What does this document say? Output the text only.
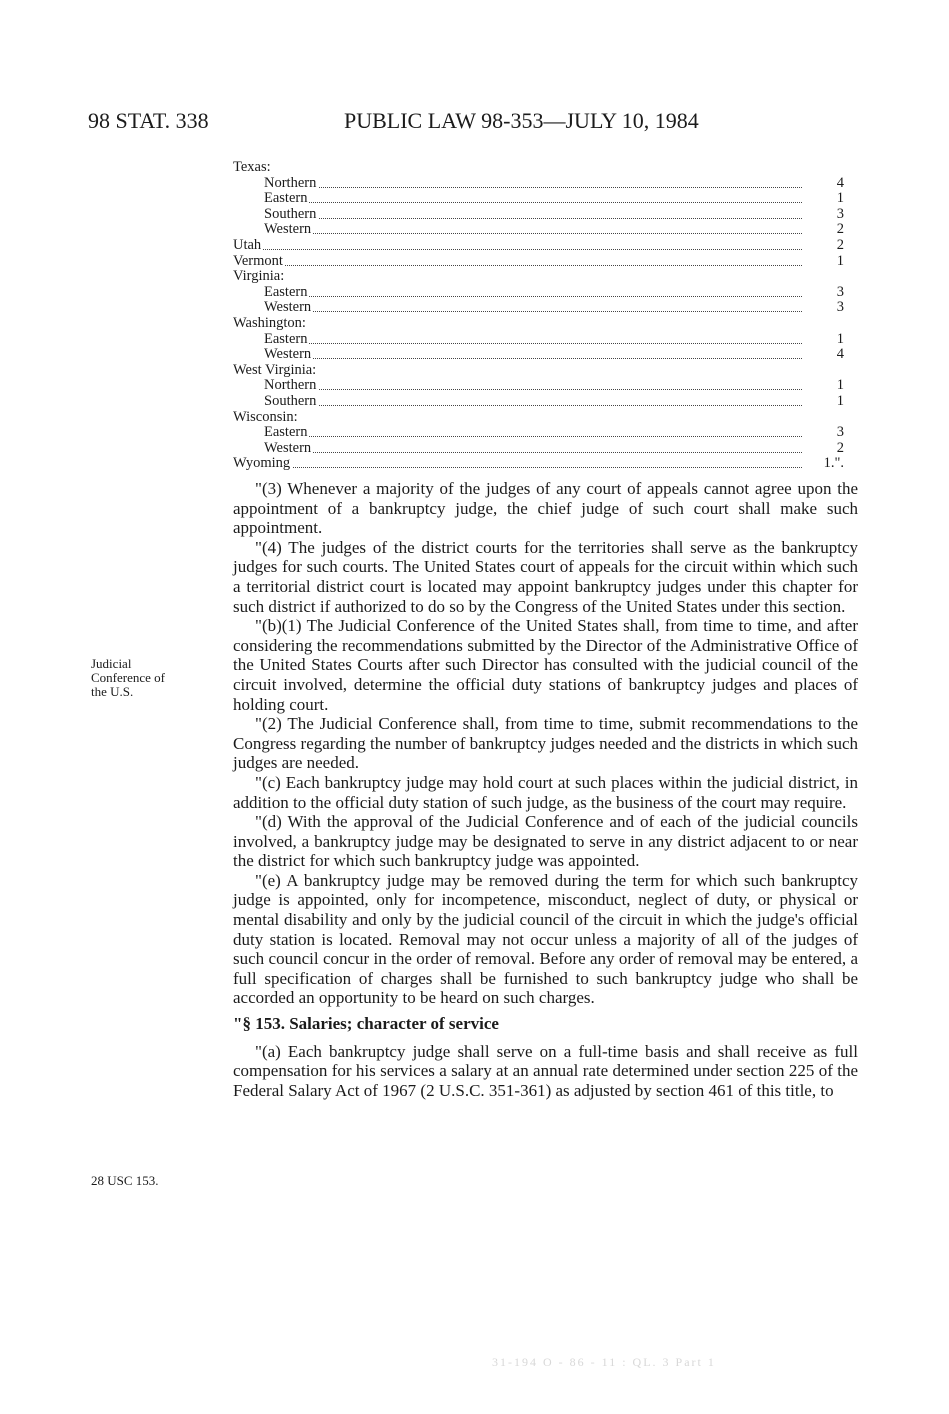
98 STAT. 338	PUBLIC LAW 98-353—JULY 10, 1984
Texas:
Northern	4
Eastern	1
Southern	3
Western	2
Utah	2
Vermont	1
Virginia:
Eastern	3
Western	3
Washington:
Eastern	1
Western	4
West Virginia:
Northern	1
Southern	1
Wisconsin:
Eastern	3
Western	2
Wyoming	1.".
Judicial
Conference of
the U.S.
28 USC 153.

"(3) Whenever a majority of the judges of any court of appeals cannot agree upon the appointment of a bankruptcy judge, the chief judge of such court shall make such appointment.

"(4) The judges of the district courts for the territories shall serve as the bankruptcy judges for such courts. The United States court of appeals for the circuit within which such a territorial district court is located may appoint bankruptcy judges under this chapter for such district if authorized to do so by the Congress of the United States under this section.

"(b)(1) The Judicial Conference of the United States shall, from time to time, and after considering the recommendations submitted by the Director of the Administrative Office of the United States Courts after such Director has consulted with the judicial council of the circuit involved, determine the official duty stations of bankruptcy judges and places of holding court.

"(2) The Judicial Conference shall, from time to time, submit recommendations to the Congress regarding the number of bankruptcy judges needed and the districts in which such judges are needed.

"(c) Each bankruptcy judge may hold court at such places within the judicial district, in addition to the official duty station of such judge, as the business of the court may require.

"(d) With the approval of the Judicial Conference and of each of the judicial councils involved, a bankruptcy judge may be designated to serve in any district adjacent to or near the district for which such bankruptcy judge was appointed.

"(e) A bankruptcy judge may be removed during the term for which such bankruptcy judge is appointed, only for incompetence, misconduct, neglect of duty, or physical or mental disability and only by the judicial council of the circuit in which the judge's official duty station is located. Removal may not occur unless a majority of all of the judges of such council concur in the order of removal. Before any order of removal may be entered, a full specification of charges shall be furnished to such bankruptcy judge who shall be accorded an opportunity to be heard on such charges.

"§ 153. Salaries; character of service

"(a) Each bankruptcy judge shall serve on a full-time basis and shall receive as full compensation for his services a salary at an annual rate determined under section 225 of the Federal Salary Act of 1967 (2 U.S.C. 351-361) as adjusted by section 461 of this title, to

31-194 O - 86 - 11 : QL. 3 Part 1
